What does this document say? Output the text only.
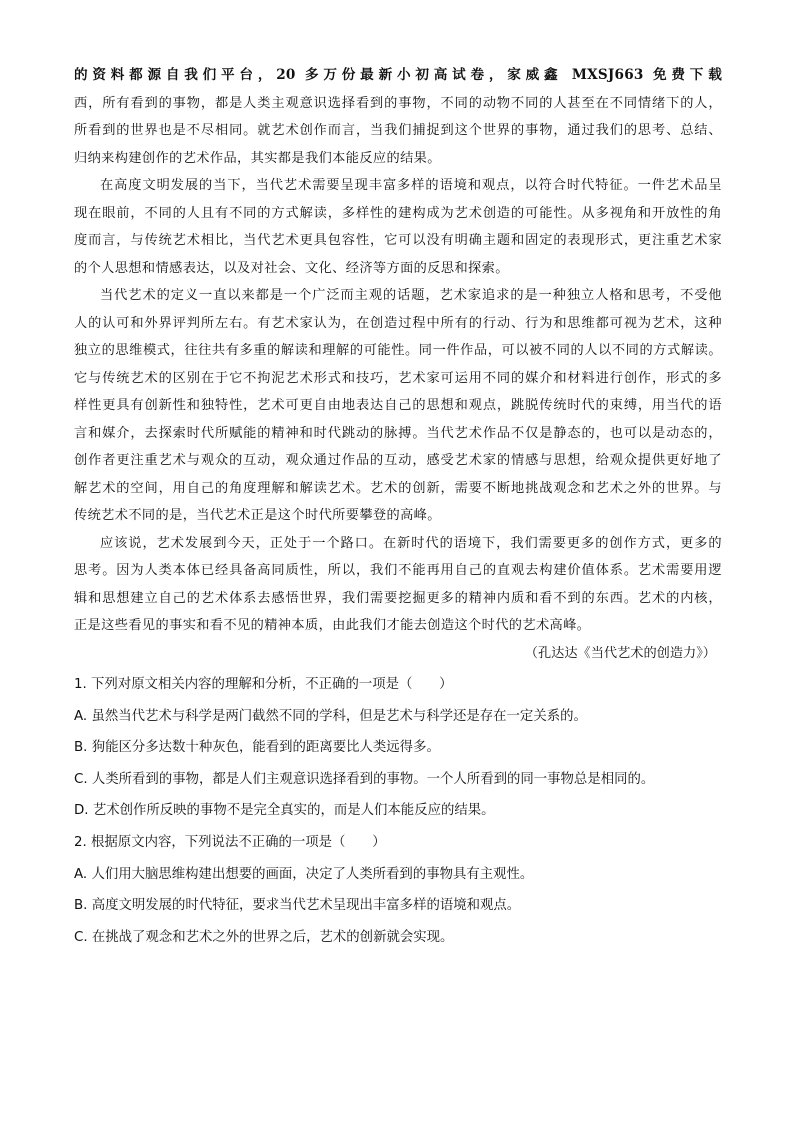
的资料都源自我们平台，20 多万份最新小初高试卷，家威鑫 MXSJ663 免费下载
西，所有看到的事物，都是人类主观意识选择看到的事物，不同的动物不同的人甚至在不同情绪下的人，
所看到的世界也是不尽相同。就艺术创作而言，当我们捕捉到这个世界的事物，通过我们的思考、总结、
归纳来构建创作的艺术作品，其实都是我们本能反应的结果。
在高度文明发展的当下，当代艺术需要呈现丰富多样的语境和观点，以符合时代特征。一件艺术品呈
现在眼前，不同的人且有不同的方式解读，多样性的建构成为艺术创造的可能性。从多视角和开放性的角
度而言，与传统艺术相比，当代艺术更具包容性，它可以没有明确主题和固定的表现形式，更注重艺术家
的个人思想和情感表达，以及对社会、文化、经济等方面的反思和探索。
当代艺术的定义一直以来都是一个广泛而主观的话题，艺术家追求的是一种独立人格和思考，不受他
人的认可和外界评判所左右。有艺术家认为，在创造过程中所有的行动、行为和思维都可视为艺术，这种
独立的思维模式，往往共有多重的解读和理解的可能性。同一件作品，可以被不同的人以不同的方式解读。
它与传统艺术的区别在于它不拘泥艺术形式和技巧，艺术家可运用不同的媒介和材料进行创作，形式的多
样性更具有创新性和独特性，艺术可更自由地表达自己的思想和观点，跳脱传统时代的束缚，用当代的语
言和媒介，去探索时代所赋能的精神和时代跳动的脉搏。当代艺术作品不仅是静态的，也可以是动态的，
创作者更注重艺术与观众的互动，观众通过作品的互动，感受艺术家的情感与思想，给观众提供更好地了
解艺术的空间，用自己的角度理解和解读艺术。艺术的创新，需要不断地挑战观念和艺术之外的世界。与
传统艺术不同的是，当代艺术正是这个时代所要攀登的高峰。
应该说，艺术发展到今天，正处于一个路口。在新时代的语境下，我们需要更多的创作方式，更多的
思考。因为人类本体已经具备高同质性，所以，我们不能再用自己的直观去构建价值体系。艺术需要用逻
辑和思想建立自己的艺术体系去感悟世界，我们需要挖掘更多的精神内质和看不到的东西。艺术的内核，
正是这些看见的事实和看不见的精神本质，由此我们才能去创造这个时代的艺术高峰。
（孔达达《当代艺术的创造力》）
1. 下列对原文相关内容的理解和分析，不正确的一项是（　　）
A. 虽然当代艺术与科学是两门截然不同的学科，但是艺术与科学还是存在一定关系的。
B. 狗能区分多达数十种灰色，能看到的距离要比人类远得多。
C. 人类所看到的事物，都是人们主观意识选择看到的事物。一个人所看到的同一事物总是相同的。
D. 艺术创作所反映的事物不是完全真实的，而是人们本能反应的结果。
2. 根据原文内容，下列说法不正确的一项是（　　）
A. 人们用大脑思维构建出想要的画面，决定了人类所看到的事物具有主观性。
B. 高度文明发展的时代特征，要求当代艺术呈现出丰富多样的语境和观点。
C. 在挑战了观念和艺术之外的世界之后，艺术的创新就会实现。
